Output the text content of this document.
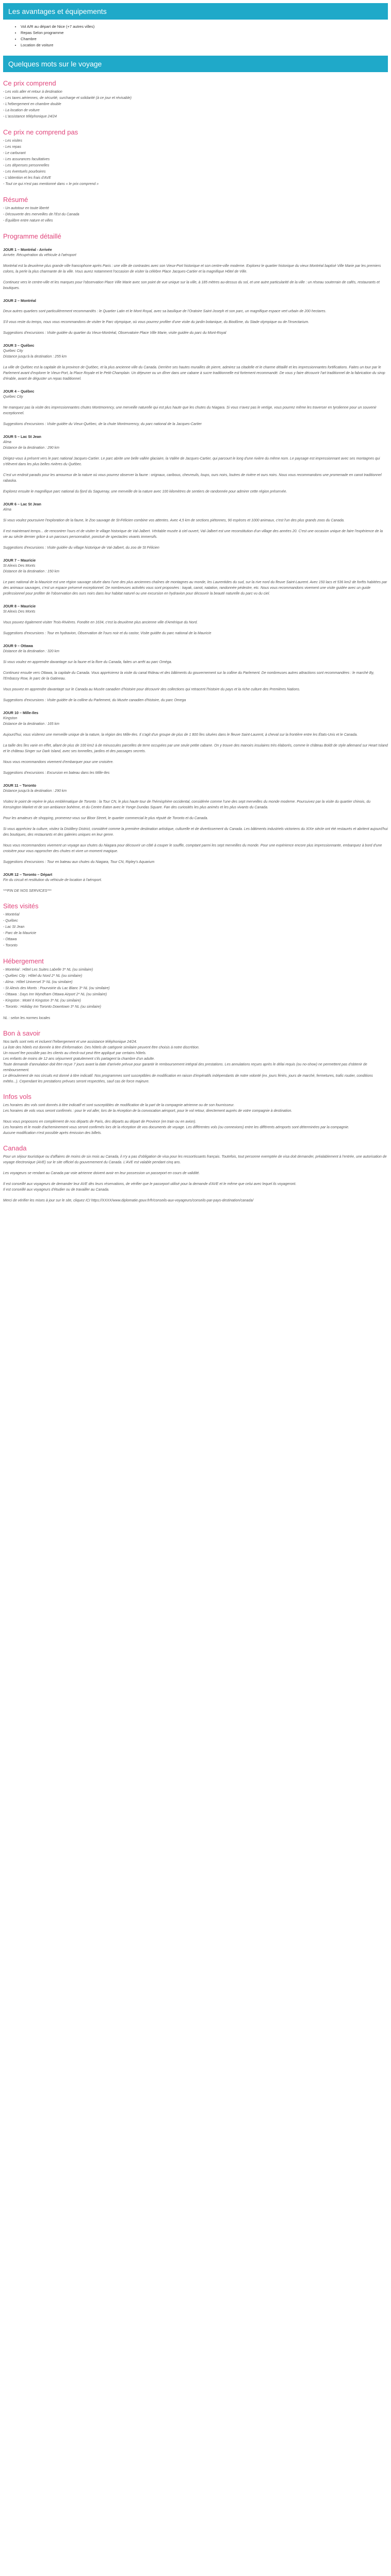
Les avantages et équipements
• Vol A/R au départ de Nice (+7 autres villes)
• Repas Selon programme
• Chambre
• Location de voiture
Quelques mots sur le voyage
Ce prix comprend
- Les vols aller et retour à destination
- Les taxes aériennes, de sécurité, surcharge et solidarité (à ce jour et révisable)
- L'hébergement en chambre double
- La location de voiture
- L'assistance téléphonique 24/24
Ce prix ne comprend pas
- Les visites
- Les repas
- Le carburant
- Les assurances facultatives
- Les dépenses personnelles
- Les éventuels pourboires
- L'obtention et les frais d'AVE
- Tout ce qui n'est pas mentionné dans « le prix comprend »
Résumé
- Un autotour en toute liberté
- Découverte des merveilles de l'Est du Canada
- Équilibre entre nature et villes
Programme détaillé
JOUR 1 – Montréal - Arrivée
Arrivée. Récupération du véhicule à l'aéroport
Montréal est la deuxième plus grande ville francophone après Paris : une ville de contrastes avec son Vieux-Port historique et son centre-ville moderne. Explorez le quartier historique du vieux Montréal baptisé Ville Marie par les premiers colons, la perle la plus charmante de la ville. Vous aurez notamment l'occasion de visiter la célèbre Place Jacques-Cartier et la magnifique Hôtel de Ville.
Continuez vers le centre-ville et les marques pour l'observation Place Ville Marie avec son point de vue unique sur la ville, à 185 mètres au-dessus du sol, et une autre particularité de la ville : un réseau souterrain de cafés, restaurants et boutiques.
JOUR 2 – Montréal
Deux autres quartiers sont particulièrement recommandés : le Quartier Latin et le Mont Royal, avec sa basilique de l'Oratoire Saint-Joseph et son parc, un magnifique espace vert urbain de 200 hectares.
S'il vous reste du temps, nous vous recommandons de visiter le Parc olympique, où vous pourrez profiter d'une visite du jardin botanique, du Biodôme, du Stade olympique ou de l'Insectarium.
Suggestions d'excursions : Visite guidée du quartier du Vieux-Montréal, Observatoire Place Ville Marie, visite guidée du parc du Mont-Royal
JOUR 3 – Québec
Québec City
Distance jusqu'à la destination : 255 km
La ville de Québec est la capitale de la province de Québec, et la plus ancienne ville du Canada. Derrière ses hautes murailles de pierre, admirez sa citadelle et le charme détaillé et les impressionnantes fortifications. Faites un tour par le Parlement avant d'explorer le Vieux-Port, la Place Royale et le Petit-Champlain. Un déjeuner ou un dîner dans une cabane à sucre traditionnelle est fortement recommandé. De vous y faire découvrir l'art traditionnel de la fabrication du sirop d'érable, avant de déguster un repas traditionnel.
JOUR 4 – Québec
Québec City
Ne manquez pas la visite des impressionnantes chutes Montmorency, une merveille naturelle qui est plus haute que les chutes du Niagara. Si vous n'avez pas le vertige, vous pourrez même les traverser en tyrolienne pour un souvenir exceptionnel.
Suggestions d'excursions : Visite guidée du Vieux-Québec, de la chute Montmorency, du parc national de la Jacques-Cartier
JOUR 5 – Lac St Jean
Alma
Distance de la destination : 290 km
Dirigez-vous à présent vers le parc national Jacques-Cartier. Le parc abrite une belle vallée glaciaire, la Vallée de Jacques-Cartier, qui parcourt le long d'une rivière du même nom. Le paysage est impressionnant avec ses montagnes qui s'élèvent dans les plus belles rivières du Québec.
C'est un endroit paradis pour les amoureux de la nature où vous pourrez observer la faune : orignaux, caribous, chevreuils, loups, ours noirs, loutres de rivière et ours noirs. Nous vous recommandons une promenade en canot traditionnel rabaska.
Explorez ensuite le magnifique parc national du fjord du Saguenay, une merveille de la nature avec 100 kilomètres de sentiers de randonnée pour admirer cette région préservée.
JOUR 6 – Lac St Jean
Alma
Si vous voulez poursuivre l'exploration de la faune, le Zoo sauvage de St-Félicien combine vos attentes. Avec 4,5 km de sections piétonnes, 90 espèces et 1000 animaux, c'est l'un des plus grands zoos du Canada.
Il est maintenant temps... de rencontrer l'ours et de visiter le village historique de Val-Jalbert. Véritable musée à ciel ouvert, Val-Jalbert est une reconstitution d'un village des années 20. C'est une occasion unique de faire l'expérience de la vie au siècle dernier grâce à un parcours personnalisé, ponctué de spectacles vivants immersifs.
Suggestions d'excursions : Visite guidée du village historique de Val-Jalbert, du zoo de St Félicien
JOUR 7 – Mauricie
St Alexis Des Monts
Distance de la destination : 150 km
Le parc national de la Mauricie est une région sauvage située dans l'une des plus anciennes chaînes de montagnes au monde, les Laurentides du sud, sur la rive nord du fleuve Saint-Laurent. Avec 150 lacs et 536 km2 de forêts habitées par des animaux sauvages, c'est un espace préservé exceptionnel. De nombreuses activités vous sont proposées : kayak, canot, natation, randonnée pédestre, etc. Nous vous recommandons vivement une visite guidée avec un guide professionnel pour profiter de l'observation des ours noirs dans leur habitat naturel ou une excursion en hydravion pour découvrir la beauté naturelle du parc vu du ciel.
JOUR 8 – Mauricie
St Alexis Des Monts
Vous pouvez également visiter Trois-Rivières. Fondée en 1634, c'est la deuxième plus ancienne ville d'Amérique du Nord.
Suggestions d'excursions : Tour en hydravion, Observation de l'ours noir et du castor, Visite guidée du parc national de la Mauricie
JOUR 9 – Ottawa
Distance de la destination : 320 km
Si vous voulez en apprendre davantage sur la faune et la flore du Canada, faites un arrêt au parc Oméga.
Continuez ensuite vers Ottawa, la capitale du Canada. Vous apprécierez la visite du canal Rideau et des bâtiments du gouvernement sur la colline du Parlement. De nombreuses autres attractions sont recommandées : le marché By, l'Embassy Row, le parc de la Gatineau.
Vous pouvez en apprendre davantage sur le Canada au Musée canadien d'histoire pour découvrir des collections qui retracent l'histoire du pays et la riche culture des Premières Nations.
Suggestions d'excursions : Visite guidée de la colline du Parlement, du Musée canadien d'histoire, du parc Omega
JOUR 10 – Mille-Iles
Kingston
Distance de la destination : 165 km
Aujourd'hui, vous visiterez une merveille unique de la nature, la région des Mille-Iles. Il s'agit d'un groupe de plus de 1 800 îles situées dans le fleuve Saint-Laurent, à cheval sur la frontière entre les États-Unis et le Canada.
La taille des îles varie en effet, allant de plus de 100 km2 à de minuscules parcelles de terre occupées par une seule petite cabane. On y trouve des manoirs insulaires très élaborés, comme le château Boldt de style allemand sur Heart Island et le château Singer sur Dark Island, avec ses tonnelles, jardins et des passages secrets.
Nous vous recommandons vivement d'embarquer pour une croisière.
Suggestions d'excursions : Excursion en bateau dans les Mille-Iles
JOUR 11 – Toronto
Distance jusqu'à la destination : 290 km
Visitez le point de repère le plus emblématique de Toronto : la Tour CN, le plus haute tour de l'hémisphère occidental, considérée comme l'une des sept merveilles du monde moderne. Poursuivez par la visite du quartier chinois, du Kensington Market et de son ambiance bohème, et du Centre Eaton avec le Yonge Dundas Square. Fan des curiosités les plus animés et les plus vivants du Canada.
Pour les amateurs de shopping, promenez-vous sur Bloor Street, le quartier commercial le plus réputé de Toronto et du Canada.
Si vous appréciez la culture, visitez la Distillery District, considéré comme la première destination artistique, culturelle et de divertissement du Canada. Les bâtiments industriels victoriens du XIXe siècle ont été restaurés et abritent aujourd'hui des boutiques, des restaurants et des galeries uniques en leur genre.
Nous vous recommandons vivement un voyage aux chutes du Niagara pour découvrir un côté à couper le souffle, comptant parmi les sept merveilles du monde. Pour une expérience encore plus impressionnante, embarquez à bord d'une croisière pour vous rapprocher des chutes et vivre un moment magique.
Suggestions d'excursions : Tour en bateau aux chutes du Niagara, Tour CN, Ripley's Aquarium
JOUR 12 – Toronto – Départ
Fin du circuit et restitution du véhicule de location à l'aéroport.
***FIN DE NOS SERVICES***
Sites visités
- Montréal
- Québec
- Lac St Jean
- Parc de la Mauricie
- Ottawa
- Toronto
Hébergement
- Montréal : Hôtel Les Suites Labelle 3* NL (ou similaire)
- Québec City : Hôtel du Nord 2* NL (ou similaire)
- Alma : Hôtel Universel 3* NL (ou similaire)
- St Alexis des Monts : Pourvoirie du Lac Blanc 3* NL (ou similaire)
- Ottawa : Days Inn Wyndham Ottawa Airport 2* NL (ou similaire)
- Kingston : Motel 6 Kingston 3* NL (ou similaire)
- Toronto : Holiday Inn Toronto Downtown 3* NL (ou similaire)
NL : selon les normes locales
Bon à savoir
Nos tarifs sont nets et incluent l'hébergement et une assistance téléphonique 24/24.
La liste des hôtels est donnée à titre d'information. Des hôtels de catégorie similaire peuvent être choisis à notre discrétion.
Un nouvel fee possible pas les clients au check-out peut être appliqué par certains hôtels.
Les enfants de moins de 12 ans séjournent gratuitement s'ils partagent la chambre d'un adulte.
Toute demande d'annulation doit être reçue 7 jours avant la date d'arrivée prévue pour garantir le remboursement intégral des prestations. Les annulations reçues après le délai requis (ou no-show) ne permettent pas d'obtenir de remboursement.
Le déroulement de nos circuits est donné à titre indicatif. Nos programmes sont susceptibles de modification en raison d'impératifs indépendants de notre volonté (ex. jours fériés, jours de marché, fermetures, trafic routier, conditions météo...). Cependant les prestations prévues seront respectées, sauf cas de force majeure.
Infos vols
Les horaires des vols sont donnés à titre indicatif et sont susceptibles de modification de la part de la compagnie aérienne ou de son fournisseur.
Les horaires de vols vous seront confirmés : pour le vol aller, lors de la réception de la convocation aéroport, pour le vol retour, directement auprès de votre compagnie à destination.
Nous vous proposons en complément de nos départs de Paris, des départs au départ de Province (en train ou en avion).
Les horaires et le mode d'acheminement vous seront confirmés lors de la réception de vos documents de voyage. Les différentes vols (ou connexions) entre les différents aéroports sont déterminées par la compagnie.
Aucune modification n'est possible après émission des billets.
Canada
Pour un séjour touristique ou d'affaires de moins de six mois au Canada, il n'y a pas d'obligation de visa pour les ressortissants français. Toutefois, tout personne exemptée de visa doit demander, préalablement à l'entrée, une autorisation de voyage électronique (AVE) sur le site officiel du gouvernement du Canada. L'AVE est valable pendant cinq ans.
Les voyageurs se rendant au Canada par voie aérienne doivent avoir en leur possession un passeport en cours de validité.
Il est conseillé aux voyageurs de demander leur AVE dès leurs réservations, de vérifier que le passeport utilisé pour la demande d'AVE et le même que celui avec lequel ils voyageront.
Il est conseillé aux voyageurs d'étudier ou de travailler au Canada.
Merci de vérifier les mises à jour sur le site, cliquez ICI https://XXXX/www.diplomatie.gouv.fr/fr/conseils-aux-voyageurs/conseils-par-pays-destination/canada/
